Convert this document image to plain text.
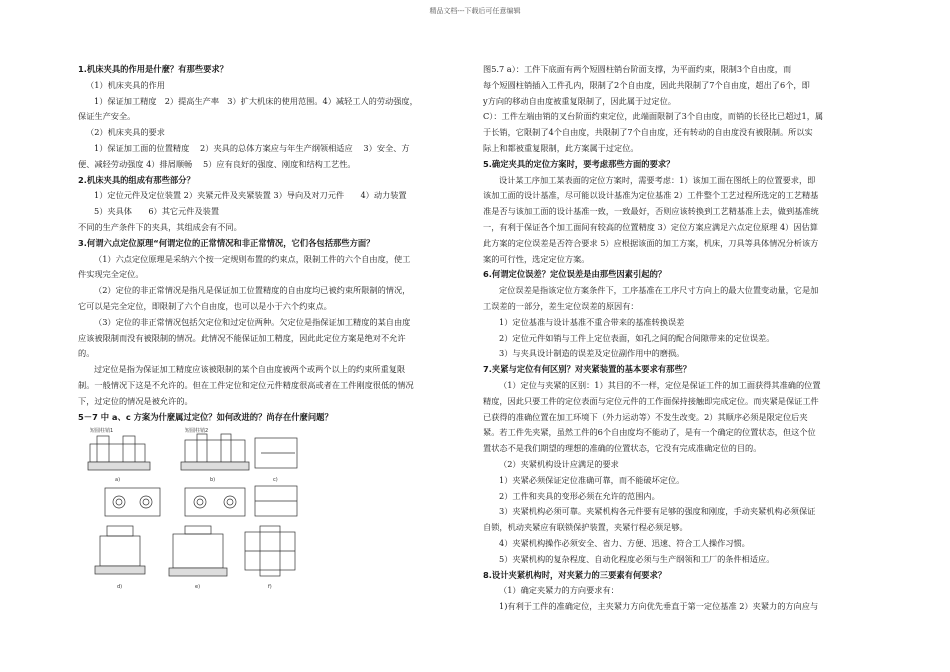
精品文档---下载后可任意编辑
1.机床夹具的作用是什麼？有那些要求？
（1）机床夹具的作用
1）保证加工精度　2）提高生产率　3）扩大机床的使用范围。4）减轻工人的劳动强度，
保证生产安全。
（2）机床夹具的要求
1）保证加工面的位置精度　 2）夹具的总体方案应与年生产纲领相适应　 3）安全、方
便、减轻劳动强度 4）排屑顺畅　 5）应有良好的强度、刚度和结构工艺性。
2.机床夹具的组成有那些部分？
1）定位元件及定位装置 2）夹紧元件及夹紧装置 3）导向及对刀元件　　4）动力装置
5）夹具体　　6）其它元件及装置
不同的生产条件下的夹具，其组成会有不同。
3.何谓六点定位原理“何谓定位的正常情况和非正常情况，它们各包括那些方面？
（1）六点定位原理是采纳六个按一定规则布置的约束点，限制工件的六个自由度，使工
件实现完全定位。
（2）定位的非正常情况是指凡是保证加工位置精度的自由度均已被约束所限制的情况，
它可以是完全定位，即限制了六个自由度，也可以是小于六个约束点。
（3）定位的非正常情况包括欠定位和过定位两种。欠定位是指保证加工精度的某自由度
应该被限制而没有被限制的情况。此情况不能保证加工精度，因此此定位方案是绝对不允许
的。
过定位是指为保证加工精度应该被限制的某个自由度被两个或两个以上的约束所重复限
制。一般情况下这是不允许的。但在工件定位和定位元件精度很高或者在工件刚度很低的情况
下，过定位的情况是被允许的。
5－7 中 a、c 方案为什麼属过定位？如何改进的？尚存在什麼问题？
图5.7 a）：工件下底面有两个短圆柱销台阶面支撑，为平面约束，限制3个自由度，而
每个短圆柱销插入工件孔内，限制了2个自由度，因此共限制了7个自由度，超出了6个，即
y方向的移动自由度被重复限制了，因此属于过定位。
C）：工件左端由销的叉台阶面约束定位，此端面限制了3个自由度，而销的长径比已超过1，属
于长销，它限制了4个自由度，共限制了7个自由度，还有转动的自由度没有被限制。所以实
际上和都被重复限制，此方案属于过定位。
5.确定夹具的定位方案时，要考虑那些方面的要求？
设计某工序加工某表面的定位方案时，需要考虑：1）该加工面在图纸上的位置要求，即
该加工面的设计基准，尽可能以设计基准为定位基准 2）工件整个工艺过程所选定的工艺精基
准是否与该加工面的设计基准一致，一致最好，否则应该转换到工艺精基准上去，做到基准统
一，有利于保证各个加工面间有较高的位置精度 3）定位方案应满足六点定位原理 4）因估算
此方案的定位误差是否符合要求 5）应根据该面的加工方案，机床，刀具等具体情况分析该方
案的可行性，选定定位方案。
6.何谓定位误差？定位误差是由那些因素引起的？
定位误差是指该定位方案条件下，工序基准在工序尺寸方向上的最大位置变动量，它是加
工误差的一部分，差生定位误差的原因有：
1）定位基准与设计基准不重合带来的基准转换误差
2）定位元件如销与工件上定位表面，如孔之间的配合间隙带来的定位误差。
3）与夹具设计制造的误差及定位副作用中的磨损。
7.夹紧与定位有何区别？对夹紧装置的基本要求有那些？
（1）定位与夹紧的区别：1）其目的不一样，定位是保证工件的加工面获得其准确的位置
精度，因此只要工件的定位表面与定位元件的工作面保持接触即完成定位。而夹紧是保证工件
已获得的准确位置在加工环境下（外力运动等）不发生改变。2）其顺序必须是限定位后夹
紧。若工件先夹紧，虽然工件的6个自由度均不能动了，是有一个确定的位置状态，但这个位
置状态不是我们期望的理想的准确的位置状态，它没有完成准确定位的目的。
（2）夹紧机构设计应满足的要求
1）夹紧必须保证定位准确可靠，而不能破坏定位。
2）工件和夹具的变形必须在允许的范围内。
3）夹紧机构必须可靠。夹紧机构各元件要有足够的强度和刚度，手动夹紧机构必须保证
自锁，机动夹紧应有联锁保护装置，夹紧行程必须足够。
4）夹紧机构操作必须安全、省力、方便、迅速、符合工人操作习惯。
5）夹紧机构的复杂程度、自动化程度必须与生产纲领和工厂的条件相适应。
8.设计夹紧机构时，对夹紧力的三要素有何要求？
（1）确定夹紧力的方向要求有：
1)有利于工件的准确定位，主夹紧力方向优先垂直于第一定位基准 2）夹紧力的方向应与
短圆柱销1	短圆柱销2
a)	b)	c)
d)	e)	f)
